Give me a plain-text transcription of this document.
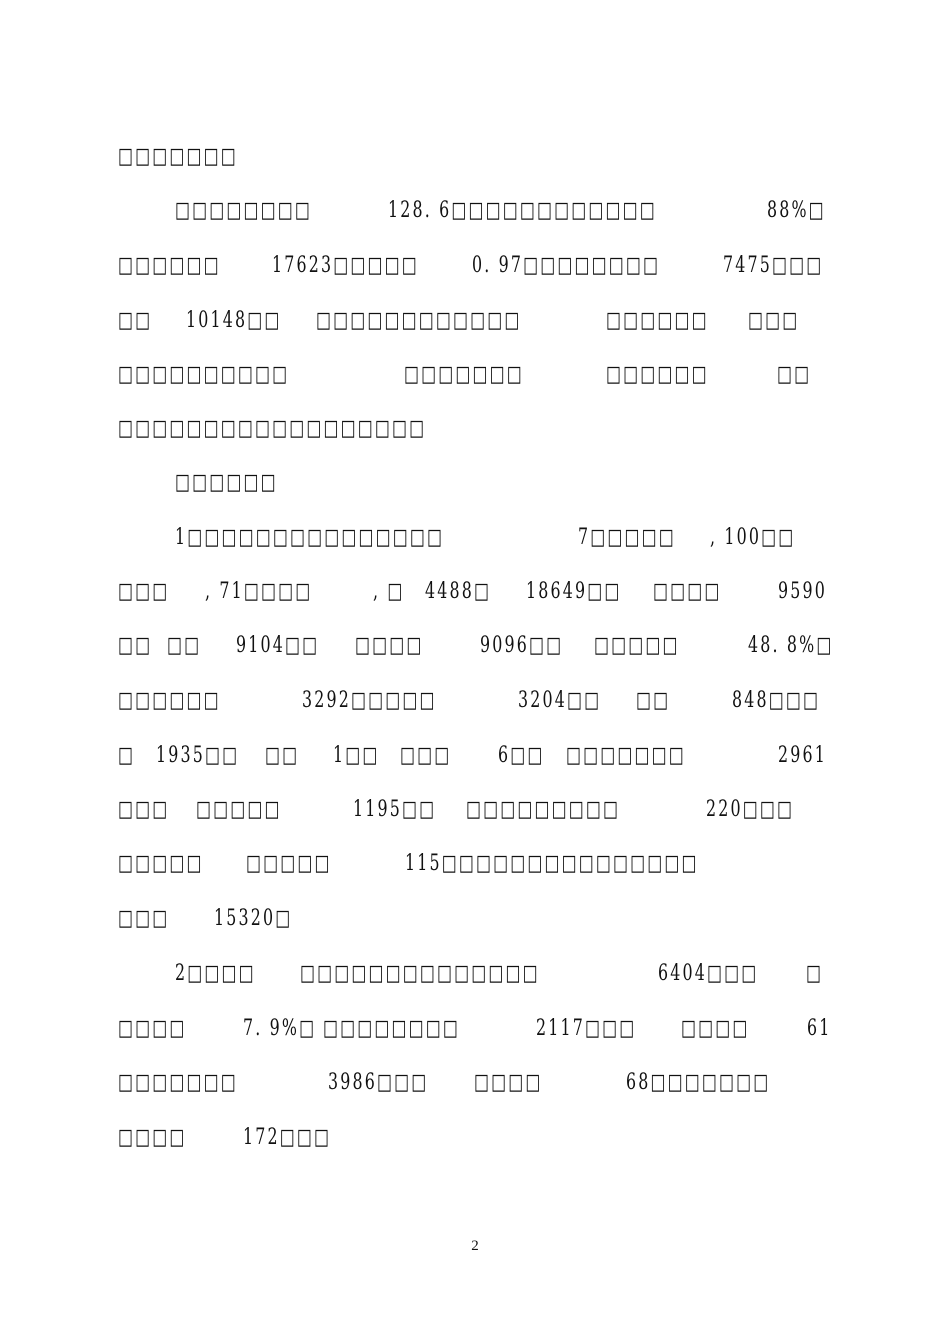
□□□□□□□
□□□□□□□□	128. 6□□□□□□□□□□□□	88%□
□□□□□□ 17623□□□□□ 0. 97□□□□□□□□	7475□□□
□□ 10148□□ □□□□□□□□□□□□	□□□□□□ □□□
□□□□□□□□□□	□□□□□□□	□□□□□□	□□
□□□□□□□□□□□□□□□□□□
□□□□□□
1□□□□□□□□□□□□□□□	7□□□□□ , 100□□
□□□ , 71□□□□	, □ 4488□ 18649□□ □□□□	9590
□□ □□ 9104□□ □□□□	9096□□ □□□□□	48. 8%□
□□□□□□	3292□□□□□	3204□□ □□	848□□□
□ 1935□□ □□ 1□□ □□□ 6□□ □□□□□□□	2961
□□□ □□□□□	1195□□ □□□□□□□□□	220□□□
□□□□□ □□□□□	115□□□□□□□□□□□□□□□
□□□ 15320□
2□□□□ □□□□□□□□□□□□□□	6404□□□ □
□□□□	7. 9%□ □□□□□□□□	2117□□□ □□□□	61
□□□□□□□	3986□□□ □□□□	68□□□□□□□
□□□□	172□□□
2
